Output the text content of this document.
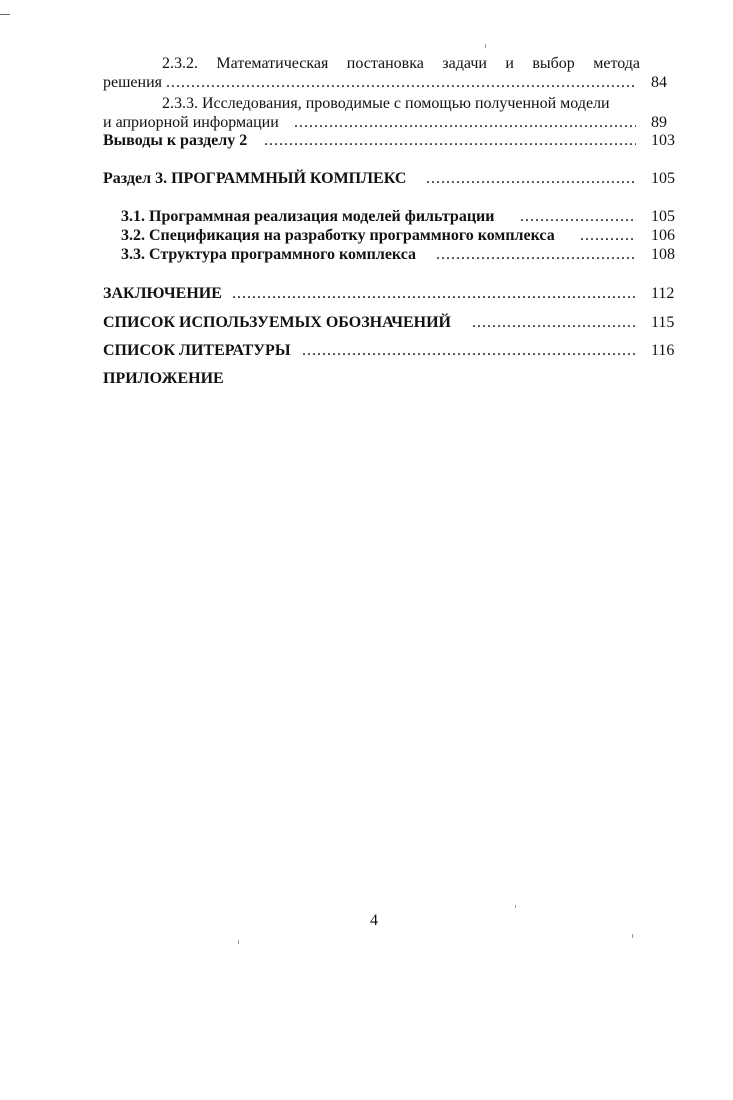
2.3.2. Математическая постановка задачи и выбор метода
решения .....	84
2.3.3. Исследования, проводимые с помощью полученной модели
и априорной информации .....	89
Выводы к разделу 2 .....	103
Раздел 3. ПРОГРАММНЫЙ КОМПЛЕКС .....	105
3.1. Программная реализация моделей фильтрации .....	105
3.2. Спецификация на разработку программного комплекса .....	106
3.3. Структура программного комплекса .....	108
ЗАКЛЮЧЕНИЕ .....	112
СПИСОК ИСПОЛЬЗУЕМЫХ ОБОЗНАЧЕНИЙ .....	115
СПИСОК ЛИТЕРАТУРЫ .....	116
ПРИЛОЖЕНИЕ
4
